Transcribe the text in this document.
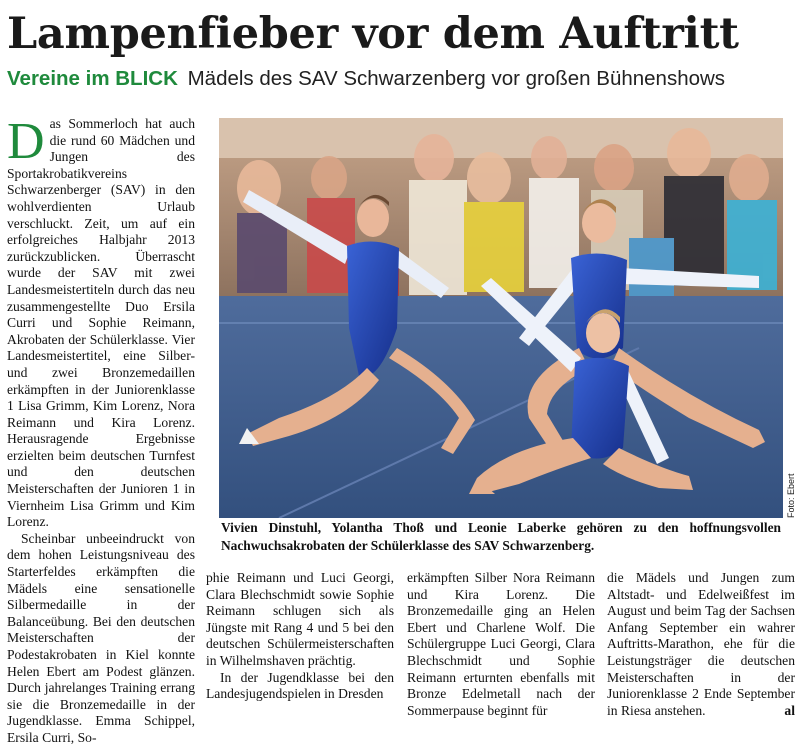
Lampenfieber vor dem Auftritt
Vereine im BLICK Mädels des SAV Schwarzenberg vor großen Bühnenshows

D as Sommerloch hat auch die rund 60 Mädchen und Jungen des Sportakrobatikvereins Schwarzenberger (SAV) in den wohlverdienten Urlaub verschluckt. Zeit, um auf ein erfolgreiches Halbjahr 2013 zurückzublicken. Überrascht wurde der SAV mit zwei Landesmeistertiteln durch das neu zusammengestellte Duo Ersila Curri und Sophie Reimann, Akrobaten der Schülerklasse. Vier Landesmeistertitel, eine Silber- und zwei Bronzemedaillen erkämpften in der Juniorenklasse 1 Lisa Grimm, Kim Lorenz, Nora Reimann und Kira Lorenz. Herausragende Ergebnisse erzielten beim deutschen Turnfest und den deutschen Meisterschaften der Junioren 1 in Viernheim Lisa Grimm und Kim Lorenz.

Scheinbar unbeeindruckt von dem hohen Leistungsniveau des Starterfeldes erkämpften die Mädels eine sensationelle Silbermedaille in der Balanceübung. Bei den deutschen Meisterschaften der Podestakrobaten in Kiel konnte Helen Ebert am Podest glänzen. Durch jahrelanges Training errang sie die Bronzemedaille in der Jugendklasse. Emma Schippel, Ersila Curri, So-

Foto: Ebert
Vivien Dinstuhl, Yolantha Thoß und Leonie Laberke gehören zu den hoffnungsvollen Nachwuchsakrobaten der Schülerklasse des SAV Schwarzenberg.

phie Reimann und Luci Georgi, Clara Blechschmidt sowie Sophie Reimann schlugen sich als Jüngste mit Rang 4 und 5 bei den deutschen Schülermeisterschaften in Wilhelmshaven prächtig.

In der Jugendklasse bei den Landesjugendspielen in Dresden

erkämpften Silber Nora Reimann und Kira Lorenz. Die Bronzemedaille ging an Helen Ebert und Charlene Wolf. Die Schülergruppe Luci Georgi, Clara Blechschmidt und Sophie Reimann erturnten ebenfalls mit Bronze Edelmetall nach der Sommerpause beginnt für

die Mädels und Jungen zum Altstadt- und Edelweißfest im August und beim Tag der Sachsen Anfang September ein wahrer Auftritts-Marathon, ehe für die Leistungsträger die deutschen Meisterschaften in der Juniorenklasse 2 Ende September in Riesa anstehen.	al
